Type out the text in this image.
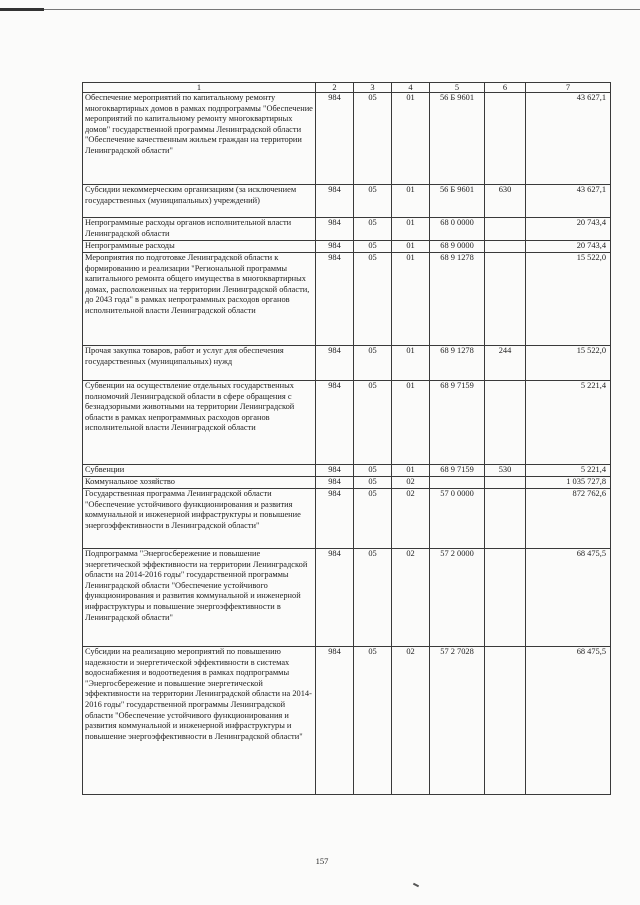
1	2	3	4	5	6	7
Обеспечение мероприятий по капитальному ремонту многоквартирных домов в рамках подпрограммы "Обеспечение мероприятий по капитальному ремонту многоквартирных домов" государственной программы Ленинградской области "Обеспечение качественным жильем граждан на территории Ленинградской области"	984	05	01	56 Б 9601		43 627,1
Субсидии некоммерческим организациям (за исключением государственных (муниципальных) учреждений)	984	05	01	56 Б 9601	630	43 627,1
Непрограммные расходы органов исполнительной власти Ленинградской области	984	05	01	68 0 0000		20 743,4
Непрограммные расходы	984	05	01	68 9 0000		20 743,4
Мероприятия по подготовке Ленинградской области к формированию и реализации "Региональной программы капитального ремонта общего имущества в многоквартирных домах, расположенных на территории Ленинградской области, до 2043 года" в рамках непрограммных расходов органов исполнительной власти Ленинградской области	984	05	01	68 9 1278		15 522,0
Прочая закупка товаров, работ и услуг для обеспечения государственных (муниципальных) нужд	984	05	01	68 9 1278	244	15 522,0
Субвенции на осуществление отдельных государственных полномочий Ленинградской области в сфере обращения с безнадзорными животными на территории Ленинградской области в рамках непрограммных расходов органов исполнительной власти Ленинградской области	984	05	01	68 9 7159		5 221,4
Субвенции	984	05	01	68 9 7159	530	5 221,4
Коммунальное хозяйство	984	05	02			1 035 727,8
Государственная программа Ленинградской области "Обеспечение устойчивого функционирования и развития коммунальной и инженерной инфраструктуры и повышение энергоэффективности в Ленинградской области"	984	05	02	57 0 0000		872 762,6
Подпрограмма "Энергосбережение и повышение энергетической эффективности на территории Ленинградской области на 2014-2016 годы" государственной программы Ленинградской области "Обеспечение устойчивого функционирования и развития коммунальной и инженерной инфраструктуры и повышение энергоэффективности в Ленинградской области"	984	05	02	57 2 0000		68 475,5
Субсидии на реализацию мероприятий по повышению надежности и энергетической эффективности в системах водоснабжения и водоотведения в рамках подпрограммы "Энергосбережение и повышение энергетической эффективности на территории Ленинградской области на 2014-2016 годы" государственной программы Ленинградской области "Обеспечение устойчивого функционирования и развития коммунальной и инженерной инфраструктуры и повышение энергоэффективности в Ленинградской области"	984	05	02	57 2 7028		68 475,5
157
